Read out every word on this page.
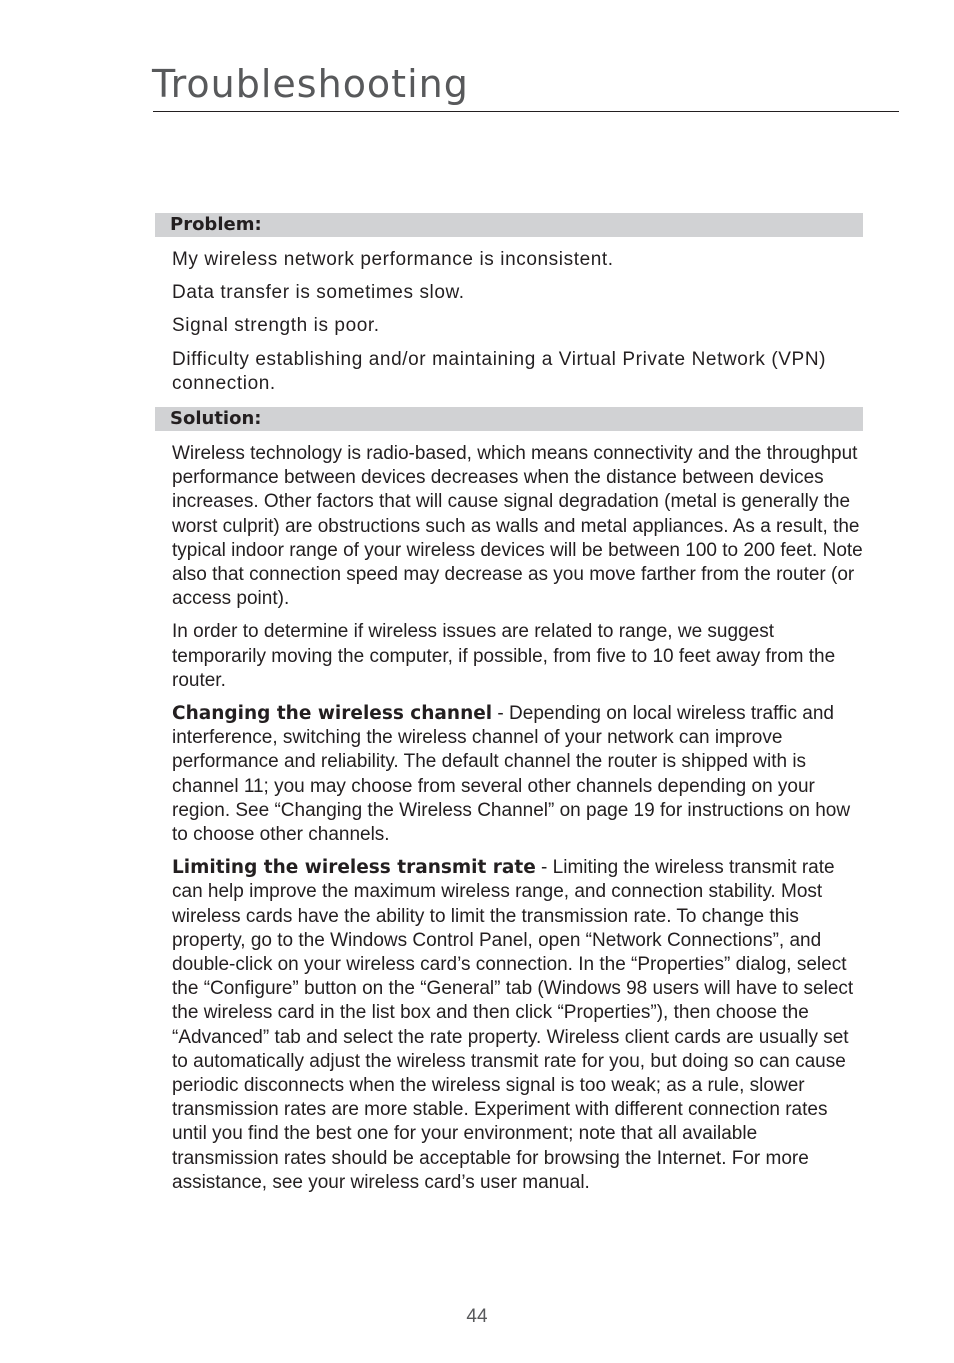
Troubleshooting
Problem:

My wireless network performance is inconsistent.

Data transfer is sometimes slow.

Signal strength is poor.

Difficulty establishing and/or maintaining a Virtual Private Network (VPN) connection.

Solution:

Wireless technology is radio-based, which means connectivity and the throughput performance between devices decreases when the distance between devices increases. Other factors that will cause signal degradation (metal is generally the worst culprit) are obstructions such as walls and metal appliances. As a result, the typical indoor range of your wireless devices will be between 100 to 200 feet. Note also that connection speed may decrease as you move farther from the router (or access point).

In order to determine if wireless issues are related to range, we suggest temporarily moving the computer, if possible, from five to 10 feet away from the router.

Changing the wireless channel - Depending on local wireless traffic and interference, switching the wireless channel of your network can improve performance and reliability. The default channel the router is shipped with is channel 11; you may choose from several other channels depending on your region. See “Changing the Wireless Channel” on page 19 for instructions on how to choose other channels.

Limiting the wireless transmit rate - Limiting the wireless transmit rate can help improve the maximum wireless range, and connection stability. Most wireless cards have the ability to limit the transmission rate. To change this property, go to the Windows Control Panel, open “Network Connections”, and double-click on your wireless card’s connection. In the “Properties” dialog, select the “Configure” button on the “General” tab (Windows 98 users will have to select the wireless card in the list box and then click “Properties”), then choose the “Advanced” tab and select the rate property. Wireless client cards are usually set to automatically adjust the wireless transmit rate for you, but doing so can cause periodic disconnects when the wireless signal is too weak; as a rule, slower transmission rates are more stable. Experiment with different connection rates until you find the best one for your environment; note that all available transmission rates should be acceptable for browsing the Internet. For more assistance, see your wireless card’s user manual.

44
